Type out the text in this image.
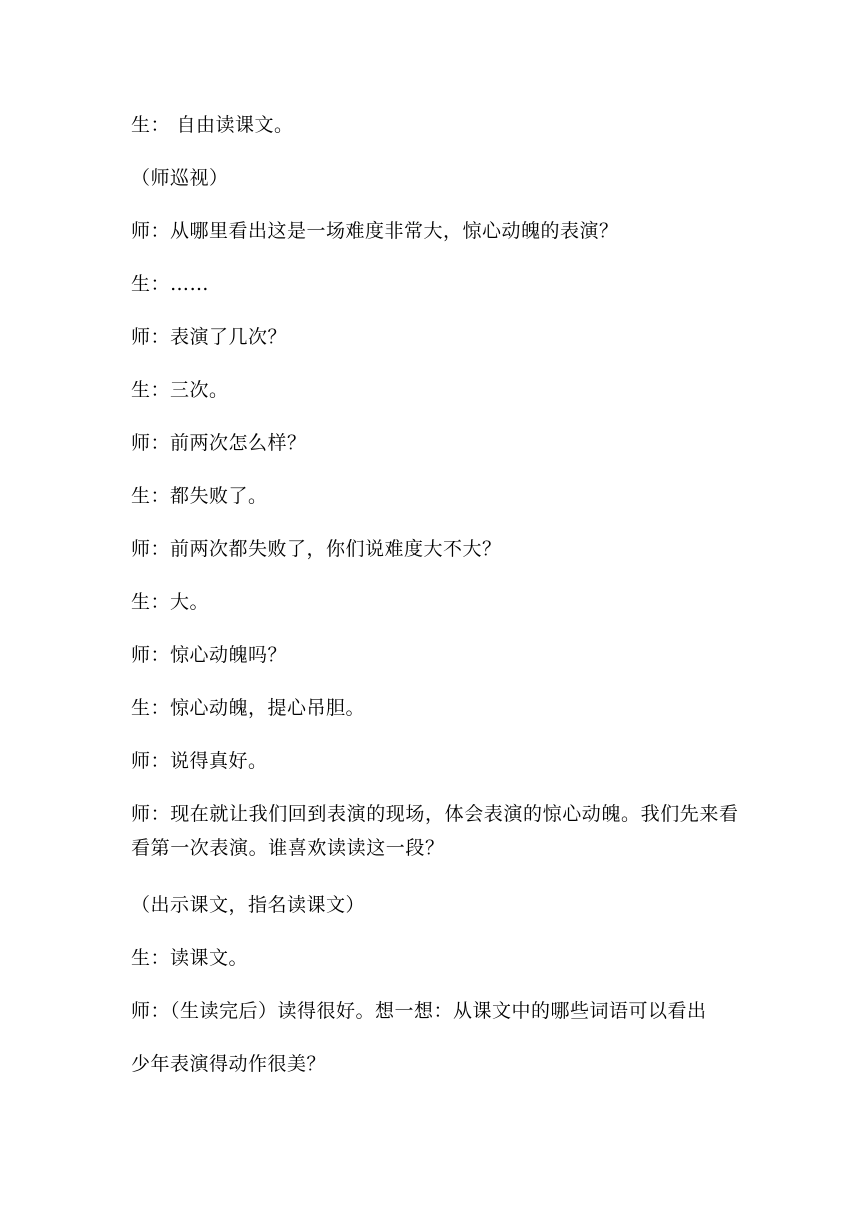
生： 自由读课文。
（师巡视）
师：从哪里看出这是一场难度非常大，惊心动魄的表演？
生：……
师：表演了几次？
生：三次。
师：前两次怎么样？
生：都失败了。
师：前两次都失败了，你们说难度大不大？
生：大。
师：惊心动魄吗？
生：惊心动魄，提心吊胆。
师：说得真好。
师：现在就让我们回到表演的现场，体会表演的惊心动魄。我们先来看看第一次表演。谁喜欢读读这一段？
（出示课文，指名读课文）
生：读课文。
师：（生读完后）读得很好。想一想：从课文中的哪些词语可以看出
少年表演得动作很美？
